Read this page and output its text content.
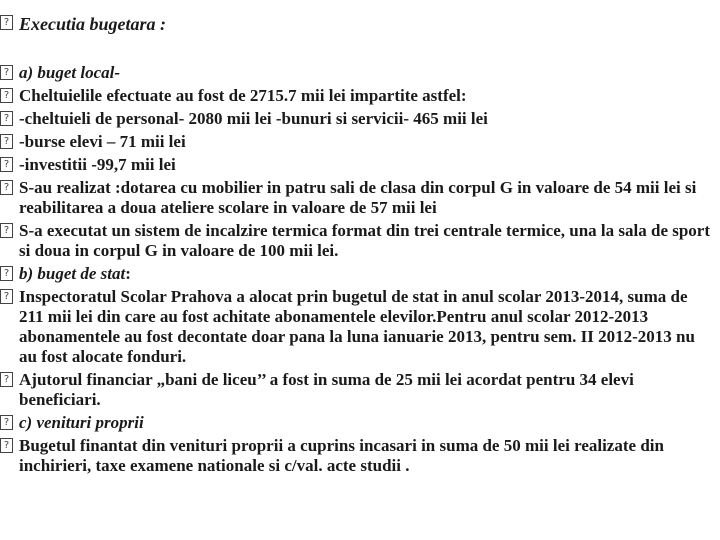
? Executia bugetara :
? a) buget local-
? Cheltuielile efectuate au fost de 2715.7 mii lei impartite astfel:
? -cheltuieli de personal- 2080 mii lei -bunuri si servicii- 465 mii lei
? -burse elevi – 71 mii lei
? -investitii -99,7 mii lei
? S-au realizat :dotarea cu mobilier in patru sali de clasa din corpul G in valoare de 54 mii lei si reabilitarea a doua ateliere scolare in valoare de 57 mii lei
? S-a executat un sistem de incalzire termica format din trei centrale termice, una la sala de sport si doua in corpul G in valoare de 100 mii lei.
? b) buget de stat:
? Inspectoratul Scolar Prahova a alocat prin bugetul de stat in anul scolar 2013-2014, suma de 211 mii lei din care au fost achitate abonamentele elevilor.Pentru anul scolar 2012-2013 abonamentele au fost decontate doar pana la luna ianuarie 2013, pentru sem. II 2012-2013 nu au fost alocate fonduri.
? Ajutorul financiar „bani de liceu’’ a fost in suma de 25 mii lei acordat pentru 34 elevi beneficiari.
? c) venituri proprii
? Bugetul finantat din venituri proprii a cuprins incasari in suma de 50 mii lei realizate din inchirieri, taxe examene nationale si c/val. acte studii .
